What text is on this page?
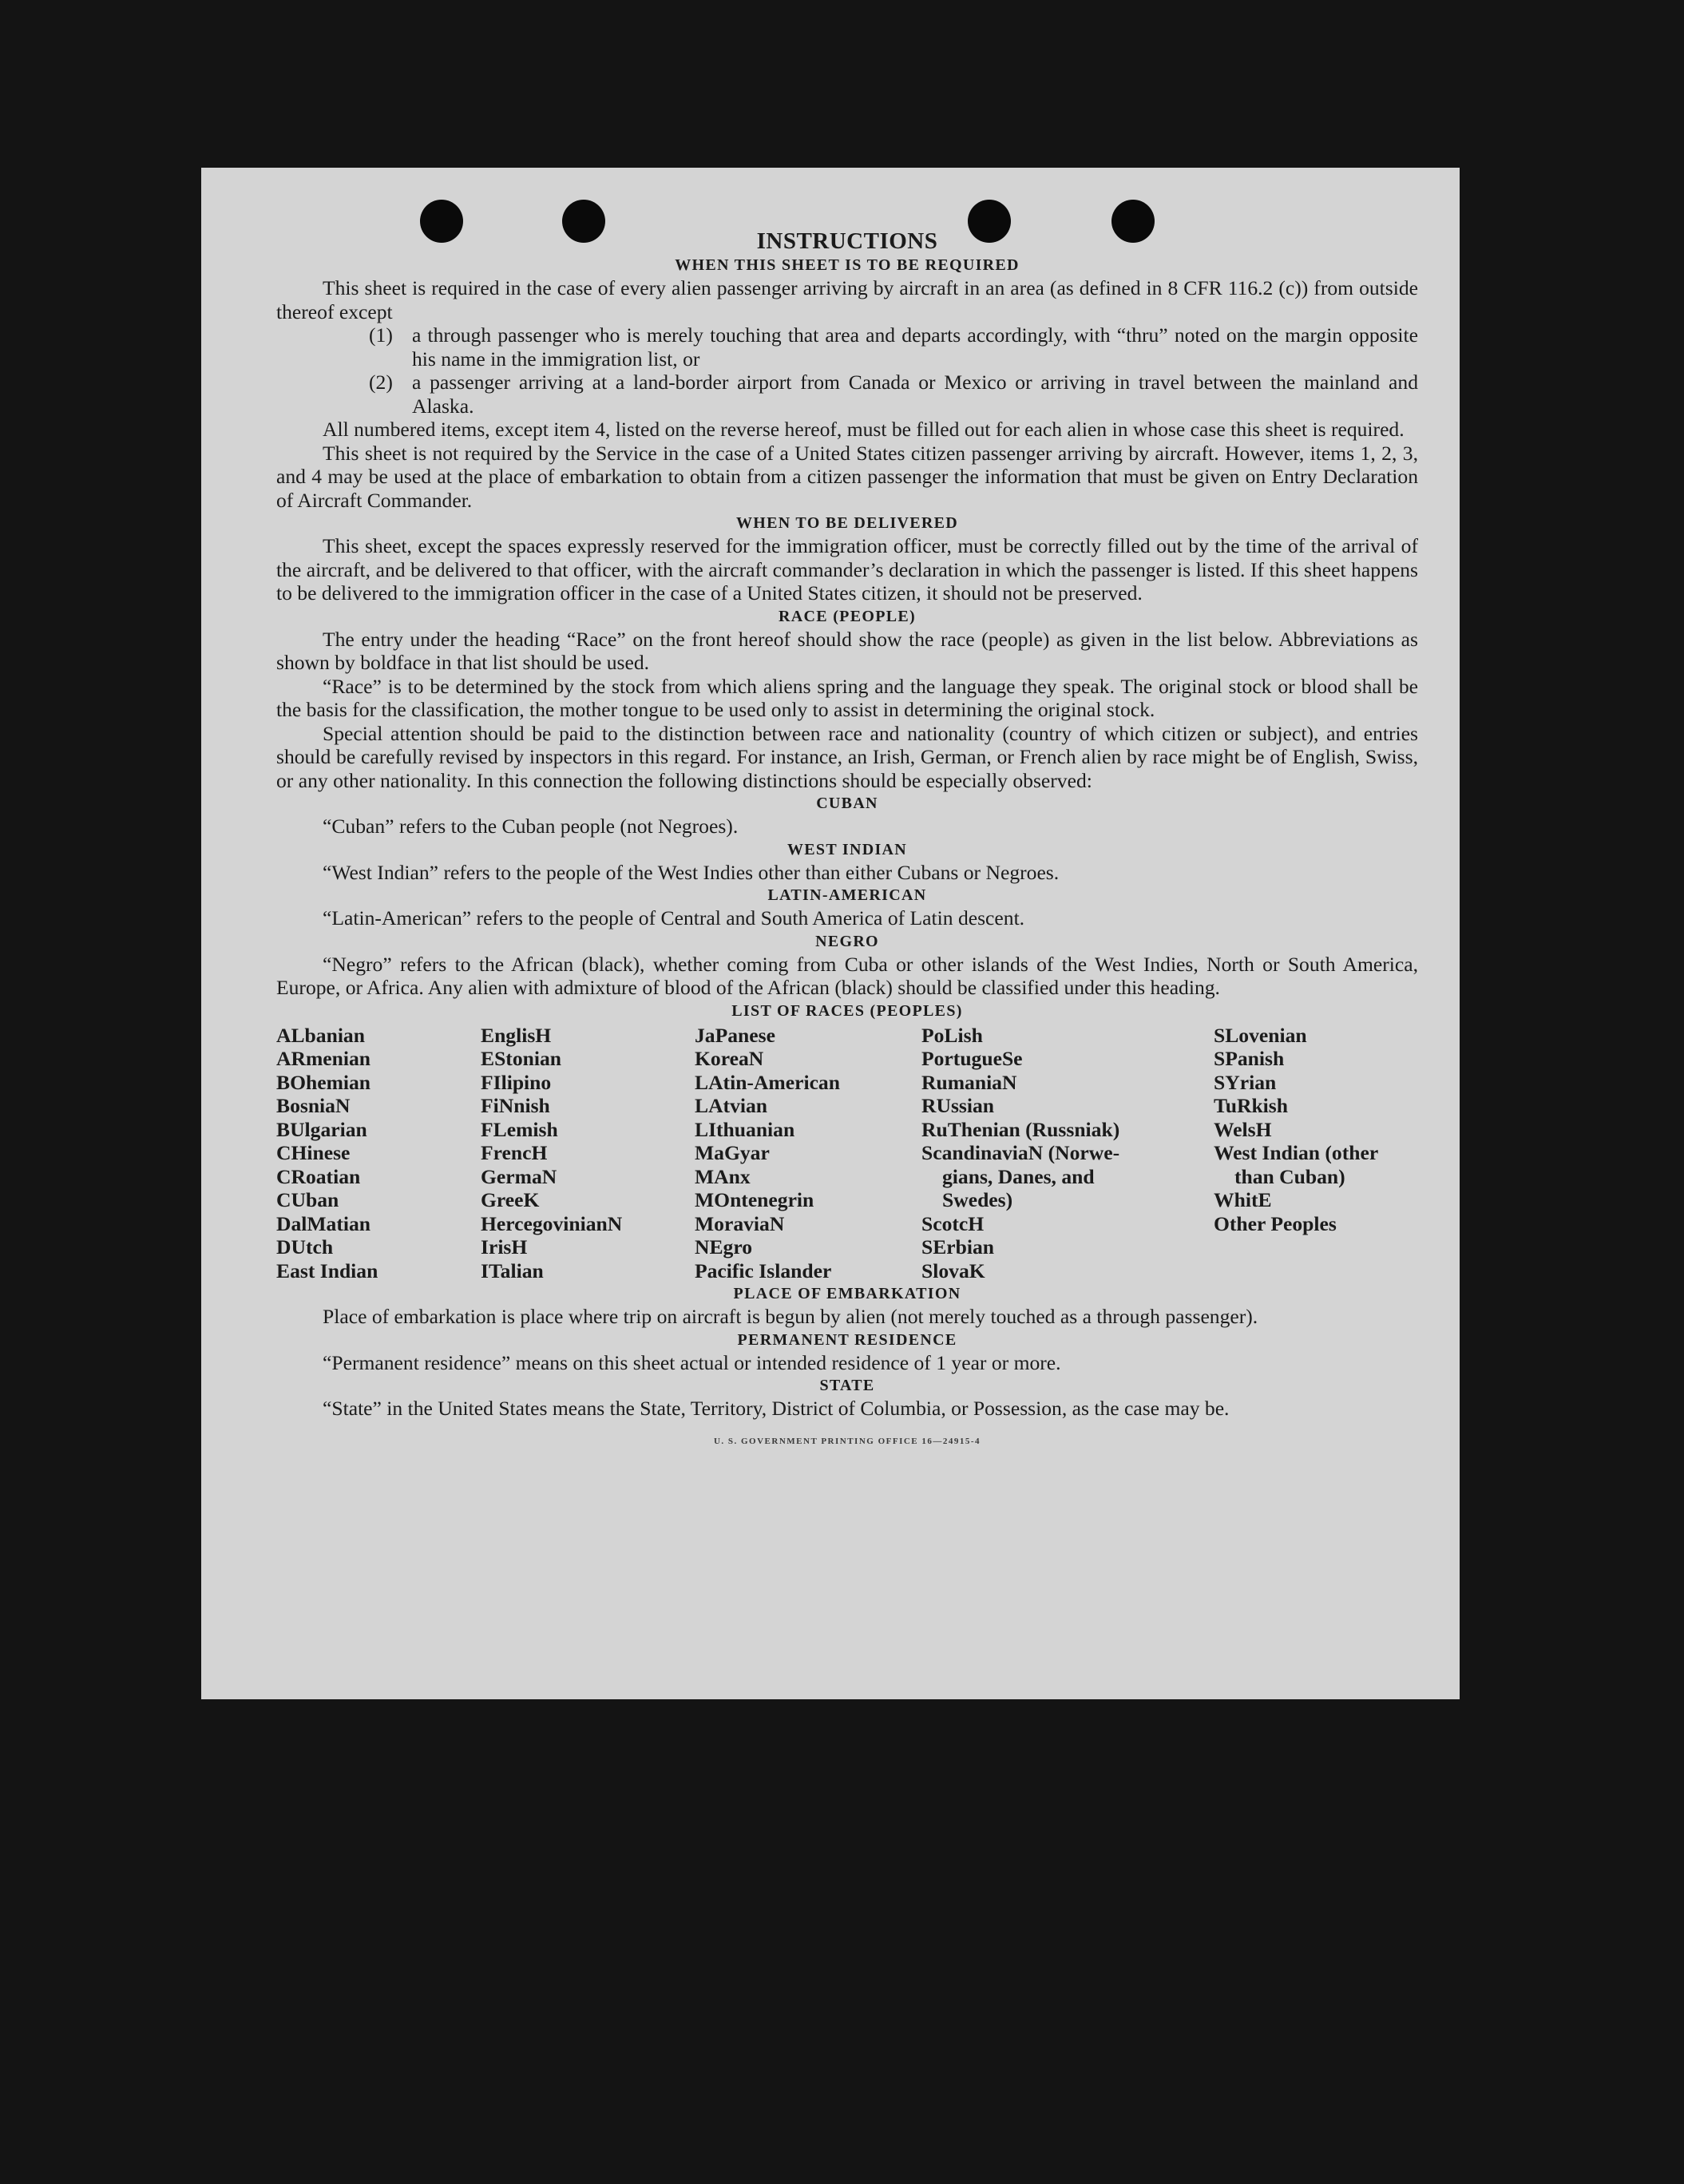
INSTRUCTIONS
WHEN THIS SHEET IS TO BE REQUIRED

This sheet is required in the case of every alien passenger arriving by aircraft in an area (as defined in 8 CFR 116.2 (c)) from outside thereof except

(1) a through passenger who is merely touching that area and departs accordingly, with “thru” noted on the margin opposite his name in the immigration list, or
(2) a passenger arriving at a land-border airport from Canada or Mexico or arriving in travel between the mainland and Alaska.

All numbered items, except item 4, listed on the reverse hereof, must be filled out for each alien in whose case this sheet is required.

This sheet is not required by the Service in the case of a United States citizen passenger arriving by aircraft. However, items 1, 2, 3, and 4 may be used at the place of embarkation to obtain from a citizen passenger the information that must be given on Entry Declaration of Aircraft Commander.

WHEN TO BE DELIVERED

This sheet, except the spaces expressly reserved for the immigration officer, must be correctly filled out by the time of the arrival of the aircraft, and be delivered to that officer, with the aircraft commander’s declaration in which the passenger is listed. If this sheet happens to be delivered to the immigration officer in the case of a United States citizen, it should not be preserved.

RACE (PEOPLE)

The entry under the heading “Race” on the front hereof should show the race (people) as given in the list below. Abbreviations as shown by boldface in that list should be used.

“Race” is to be determined by the stock from which aliens spring and the language they speak. The original stock or blood shall be the basis for the classification, the mother tongue to be used only to assist in determining the original stock.

Special attention should be paid to the distinction between race and nationality (country of which citizen or subject), and entries should be carefully revised by inspectors in this regard. For instance, an Irish, German, or French alien by race might be of English, Swiss, or any other nationality. In this connection the following distinctions should be especially observed:

CUBAN

“Cuban” refers to the Cuban people (not Negroes).

WEST INDIAN

“West Indian” refers to the people of the West Indies other than either Cubans or Negroes.

LATIN-AMERICAN

“Latin-American” refers to the people of Central and South America of Latin descent.

NEGRO

“Negro” refers to the African (black), whether coming from Cuba or other islands of the West Indies, North or South America, Europe, or Africa. Any alien with admixture of blood of the African (black) should be classified under this heading.

LIST OF RACES (PEOPLES)
ALbanian
ARmenian
BOhemian
BosniaN
BUlgarian
CHinese
CRoatian
CUban
DalMatian
DUtch
East Indian
EnglisH
EStonian
FIlipino
FiNnish
FLemish
FrencH
GermaN
GreeK
HercegovinianN
IrisH
ITalian
JaPanese
KoreaN
LAtin-American
LAtvian
LIthuanian
MaGyar
MAnx
MOntenegrin
MoraviaN
NEgro
Pacific Islander
PoLish
PortugueSe
RumaniaN
RUssian
RuThenian (Russniak)
ScandinaviaN (Norwe-
gians, Danes, and
Swedes)
ScotcH
SErbian
SlovaK
SLovenian
SPanish
SYrian
TuRkish
WelsH
West Indian (other
than Cuban)
WhitE
Other Peoples
PLACE OF EMBARKATION

Place of embarkation is place where trip on aircraft is begun by alien (not merely touched as a through passenger).

PERMANENT RESIDENCE

“Permanent residence” means on this sheet actual or intended residence of 1 year or more.

STATE

“State” in the United States means the State, Territory, District of Columbia, or Possession, as the case may be.

U. S. GOVERNMENT PRINTING OFFICE 16—24915-4
